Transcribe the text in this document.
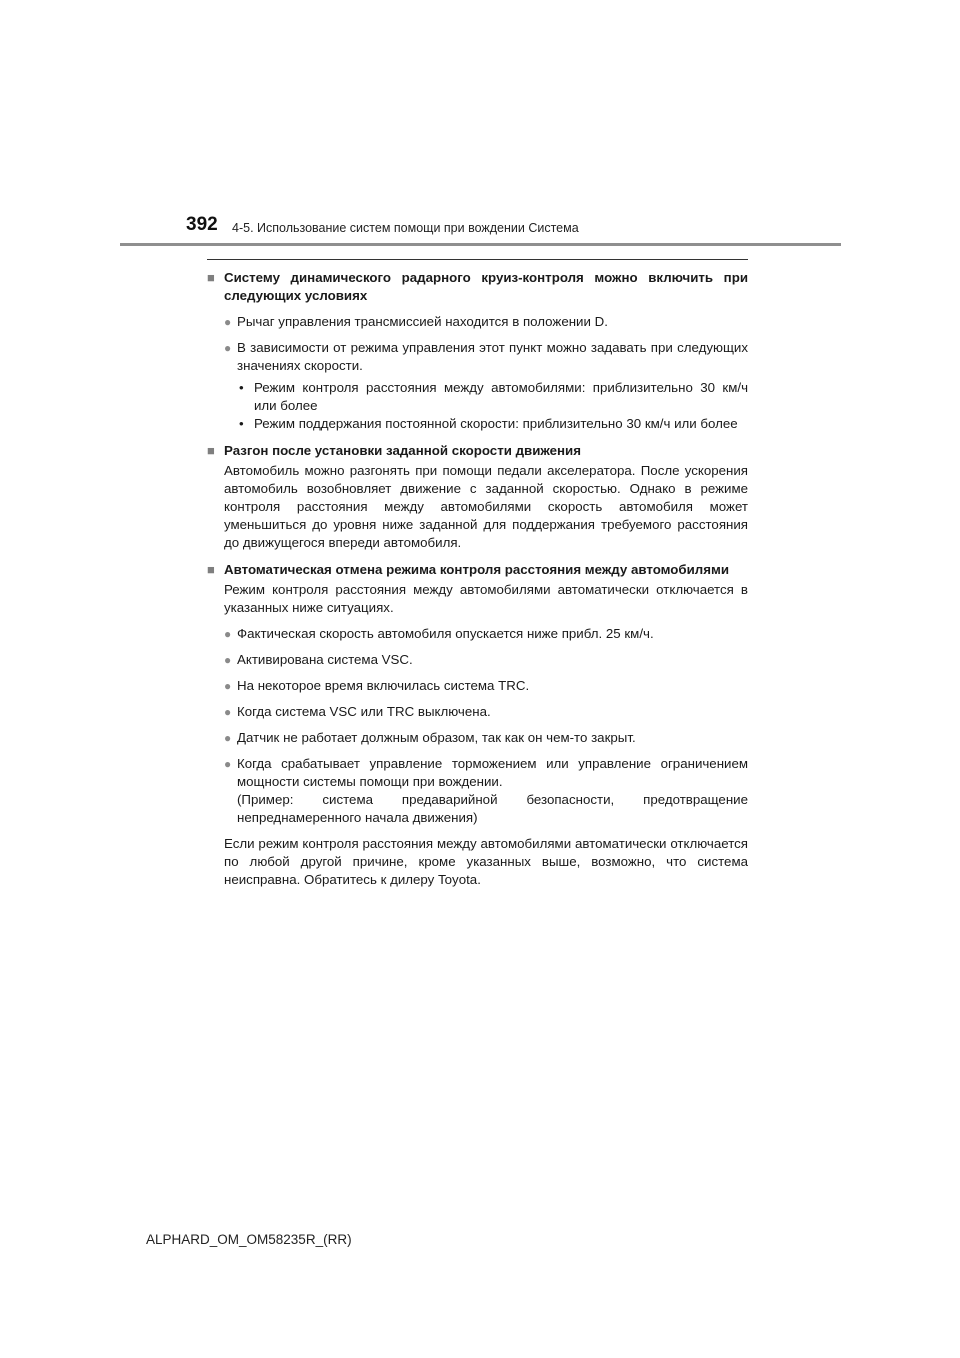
392 4-5. Использование систем помощи при вождении Система
■ Систему динамического радарного круиз-контроля можно включить при следующих условиях
● Рычаг управления трансмиссией находится в положении D.
● В зависимости от режима управления этот пункт можно задавать при следующих значениях скорости.
• Режим контроля расстояния между автомобилями: приблизительно 30 км/ч или более
• Режим поддержания постоянной скорости: приблизительно 30 км/ч или более
■ Разгон после установки заданной скорости движения
Автомобиль можно разгонять при помощи педали акселератора. После ускорения автомобиль возобновляет движение с заданной скоростью. Однако в режиме контроля расстояния между автомобилями скорость автомобиля может уменьшиться до уровня ниже заданной для поддержания требуемого расстояния до движущегося впереди автомобиля.
■ Автоматическая отмена режима контроля расстояния между автомобилями
Режим контроля расстояния между автомобилями автоматически отключается в указанных ниже ситуациях.
● Фактическая скорость автомобиля опускается ниже прибл. 25 км/ч.
● Активирована система VSC.
● На некоторое время включилась система TRC.
● Когда система VSC или TRC выключена.
● Датчик не работает должным образом, так как он чем-то закрыт.
● Когда срабатывает управление торможением или управление ограничением мощности системы помощи при вождении.
(Пример: система предаварийной безопасности, предотвращение
непреднамеренного начала движения)
Если режим контроля расстояния между автомобилями автоматически отключается по любой другой причине, кроме указанных выше, возможно, что система неисправна. Обратитесь к дилеру Toyota.
ALPHARD_OM_OM58235R_(RR)
